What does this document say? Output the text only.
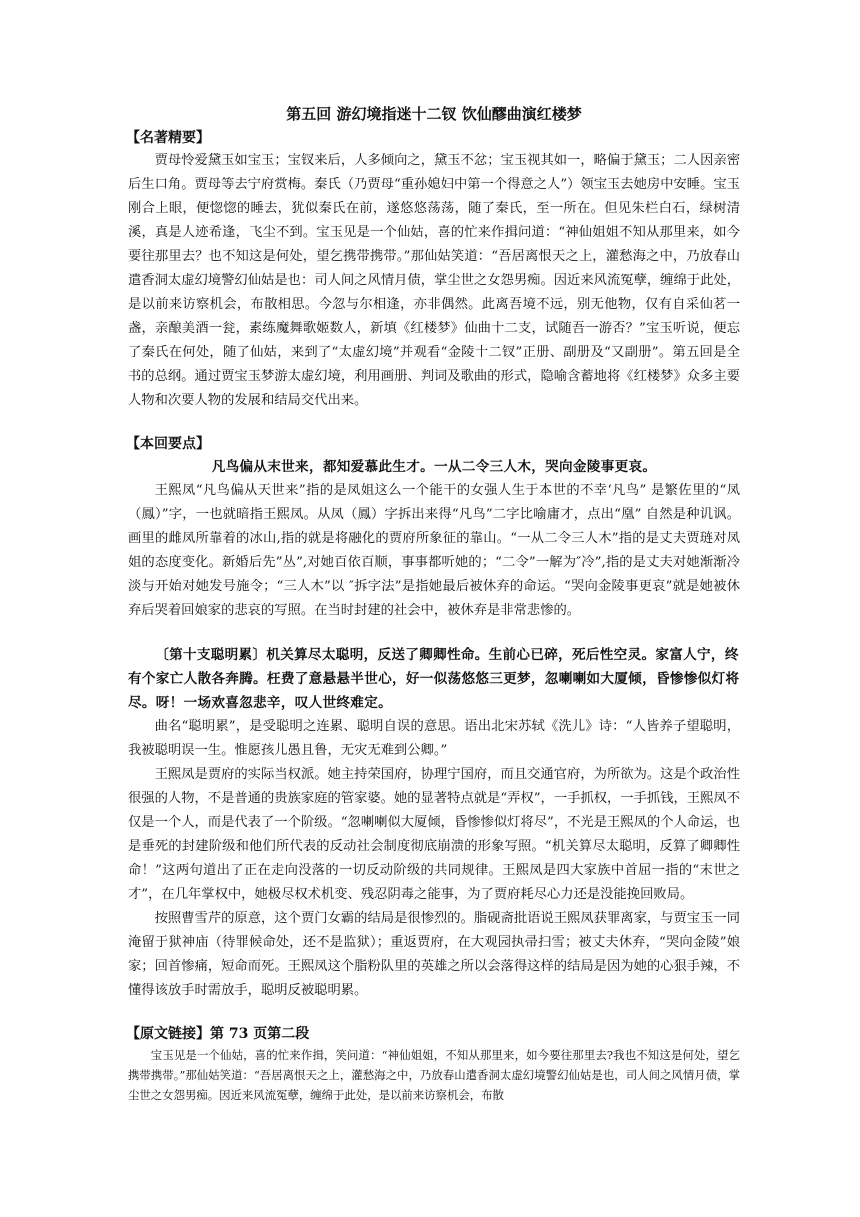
第五回 游幻境指迷十二钗 饮仙醪曲演红楼梦

【名著精要】

贾母怜爱黛玉如宝玉；宝钗来后，人多倾向之，黛玉不忿；宝玉视其如一，略偏于黛玉；二人因亲密后生口角。贾母等去宁府赏梅。秦氏（乃贾母“重孙媳妇中第一个得意之人”）领宝玉去她房中安睡。宝玉刚合上眼，便惚惚的睡去，犹似秦氏在前，遂悠悠荡荡，随了秦氏，至一所在。但见朱栏白石，绿树清溪，真是人迹希逢，飞尘不到。宝玉见是一个仙姑，喜的忙来作揖问道：“神仙姐姐不知从那里来，如今要往那里去？也不知这是何处，望乞携带携带。”那仙姑笑道：“吾居离恨天之上，灌愁海之中，乃放春山遣香洞太虚幻境警幻仙姑是也：司人间之风情月债，掌尘世之女怨男痴。因近来风流冤孽，缠绵于此处，是以前来访察机会，布散相思。今忽与尔相逢，亦非偶然。此离吾境不远，别无他物，仅有自采仙茗一盏，亲酿美酒一瓮，素练魔舞歌姬数人，新填《红楼梦》仙曲十二支，试随吾一游否？”宝玉听说，便忘了秦氏在何处，随了仙姑，来到了“太虚幻境”并观看“金陵十二钗”正册、副册及“又副册”。第五回是全书的总纲。通过贾宝玉梦游太虚幻境，利用画册、判词及歌曲的形式，隐喻含蓄地将《红楼梦》众多主要人物和次要人物的发展和结局交代出来。

【本回要点】

凡鸟偏从末世来，都知爱慕此生才。一从二令三人木，哭向金陵事更哀。

王熙凤“凡鸟偏从天世来”指的是凤姐这么一个能干的女强人生于本世的不幸‘凡鸟” 是繁佐里的“凤（鳳）”字，一也就暗指王熙凤。从凤（鳳）字拆出来得“凡鸟”二字比喻庸才，点出“凰” 自然是种讥讽。画里的雌凤所靠着的冰山,指的就是将融化的贾府所象征的靠山。“一从二令三人木”指的是丈夫贾琏对凤姐的态度变化。新婚后先”丛”,对她百依百顺，事事都听她的；“二令”一解为″冷”,指的是丈夫对她渐渐冷淡与开始对她发号施令；“三人木”以 ″拆字法”是指她最后被休弃的命运。“哭向金陵事更哀”就是她被休弃后哭着回娘家的悲哀的写照。在当时封建的社会中，被休弃是非常悲惨的。

〔第十支聪明累〕机关算尽太聪明，反送了卿卿性命。生前心已碎，死后性空灵。家富人宁，终有个家亡人散各奔腾。枉费了意悬悬半世心，好一似荡悠悠三更梦，忽喇喇如大厦倾，昏惨惨似灯将尽。呀！一场欢喜忽悲辛，叹人世终难定。

曲名“聪明累”，是受聪明之连累、聪明自误的意思。语出北宋苏轼《洗儿》诗：“人皆养子望聪明，我被聪明误一生。惟愿孩儿愚且鲁，无灾无难到公卿。”

王熙凤是贾府的实际当权派。她主持荣国府，协理宁国府，而且交通官府，为所欲为。这是个政治性很强的人物，不是普通的贵族家庭的管家婆。她的显著特点就是“弄权”，一手抓权，一手抓钱，王熙凤不仅是一个人，而是代表了一个阶级。“忽喇喇似大厦倾，昏惨惨似灯将尽”，不光是王熙凤的个人命运，也是垂死的封建阶级和他们所代表的反动社会制度彻底崩溃的形象写照。“机关算尽太聪明，反算了卿卿性命！”这两句道出了正在走向没落的一切反动阶级的共同规律。王熙凤是四大家族中首屈一指的“末世之才”，在几年掌权中，她极尽权术机变、残忍阴毒之能事，为了贾府耗尽心力还是没能挽回败局。

按照曹雪芹的原意，这个贾门女霸的结局是很惨烈的。脂砚斋批语说王熙凤获罪离家，与贾宝玉一同淹留于狱神庙（待罪候命处，还不是监狱）；重返贾府，在大观园执帚扫雪；被丈夫休弃，“哭向金陵”娘家；回首惨痛，短命而死。王熙凤这个脂粉队里的英雄之所以会落得这样的结局是因为她的心狠手辣，不懂得该放手时需放手，聪明反被聪明累。

【原文链接】第 73 页第二段

宝玉见是一个仙姑，喜的忙来作揖，笑问道：“神仙姐姐，不知从那里来，如今要往那里去?我也不知这是何处，望乞携带携带。”那仙姑笑道：“吾居离恨天之上，灌愁海之中，乃放春山遣香洞太虚幻境警幻仙姑是也，司人间之风情月债，掌尘世之女怨男痴。因近来风流冤孽，缠绵于此处，是以前来访察机会，布散
